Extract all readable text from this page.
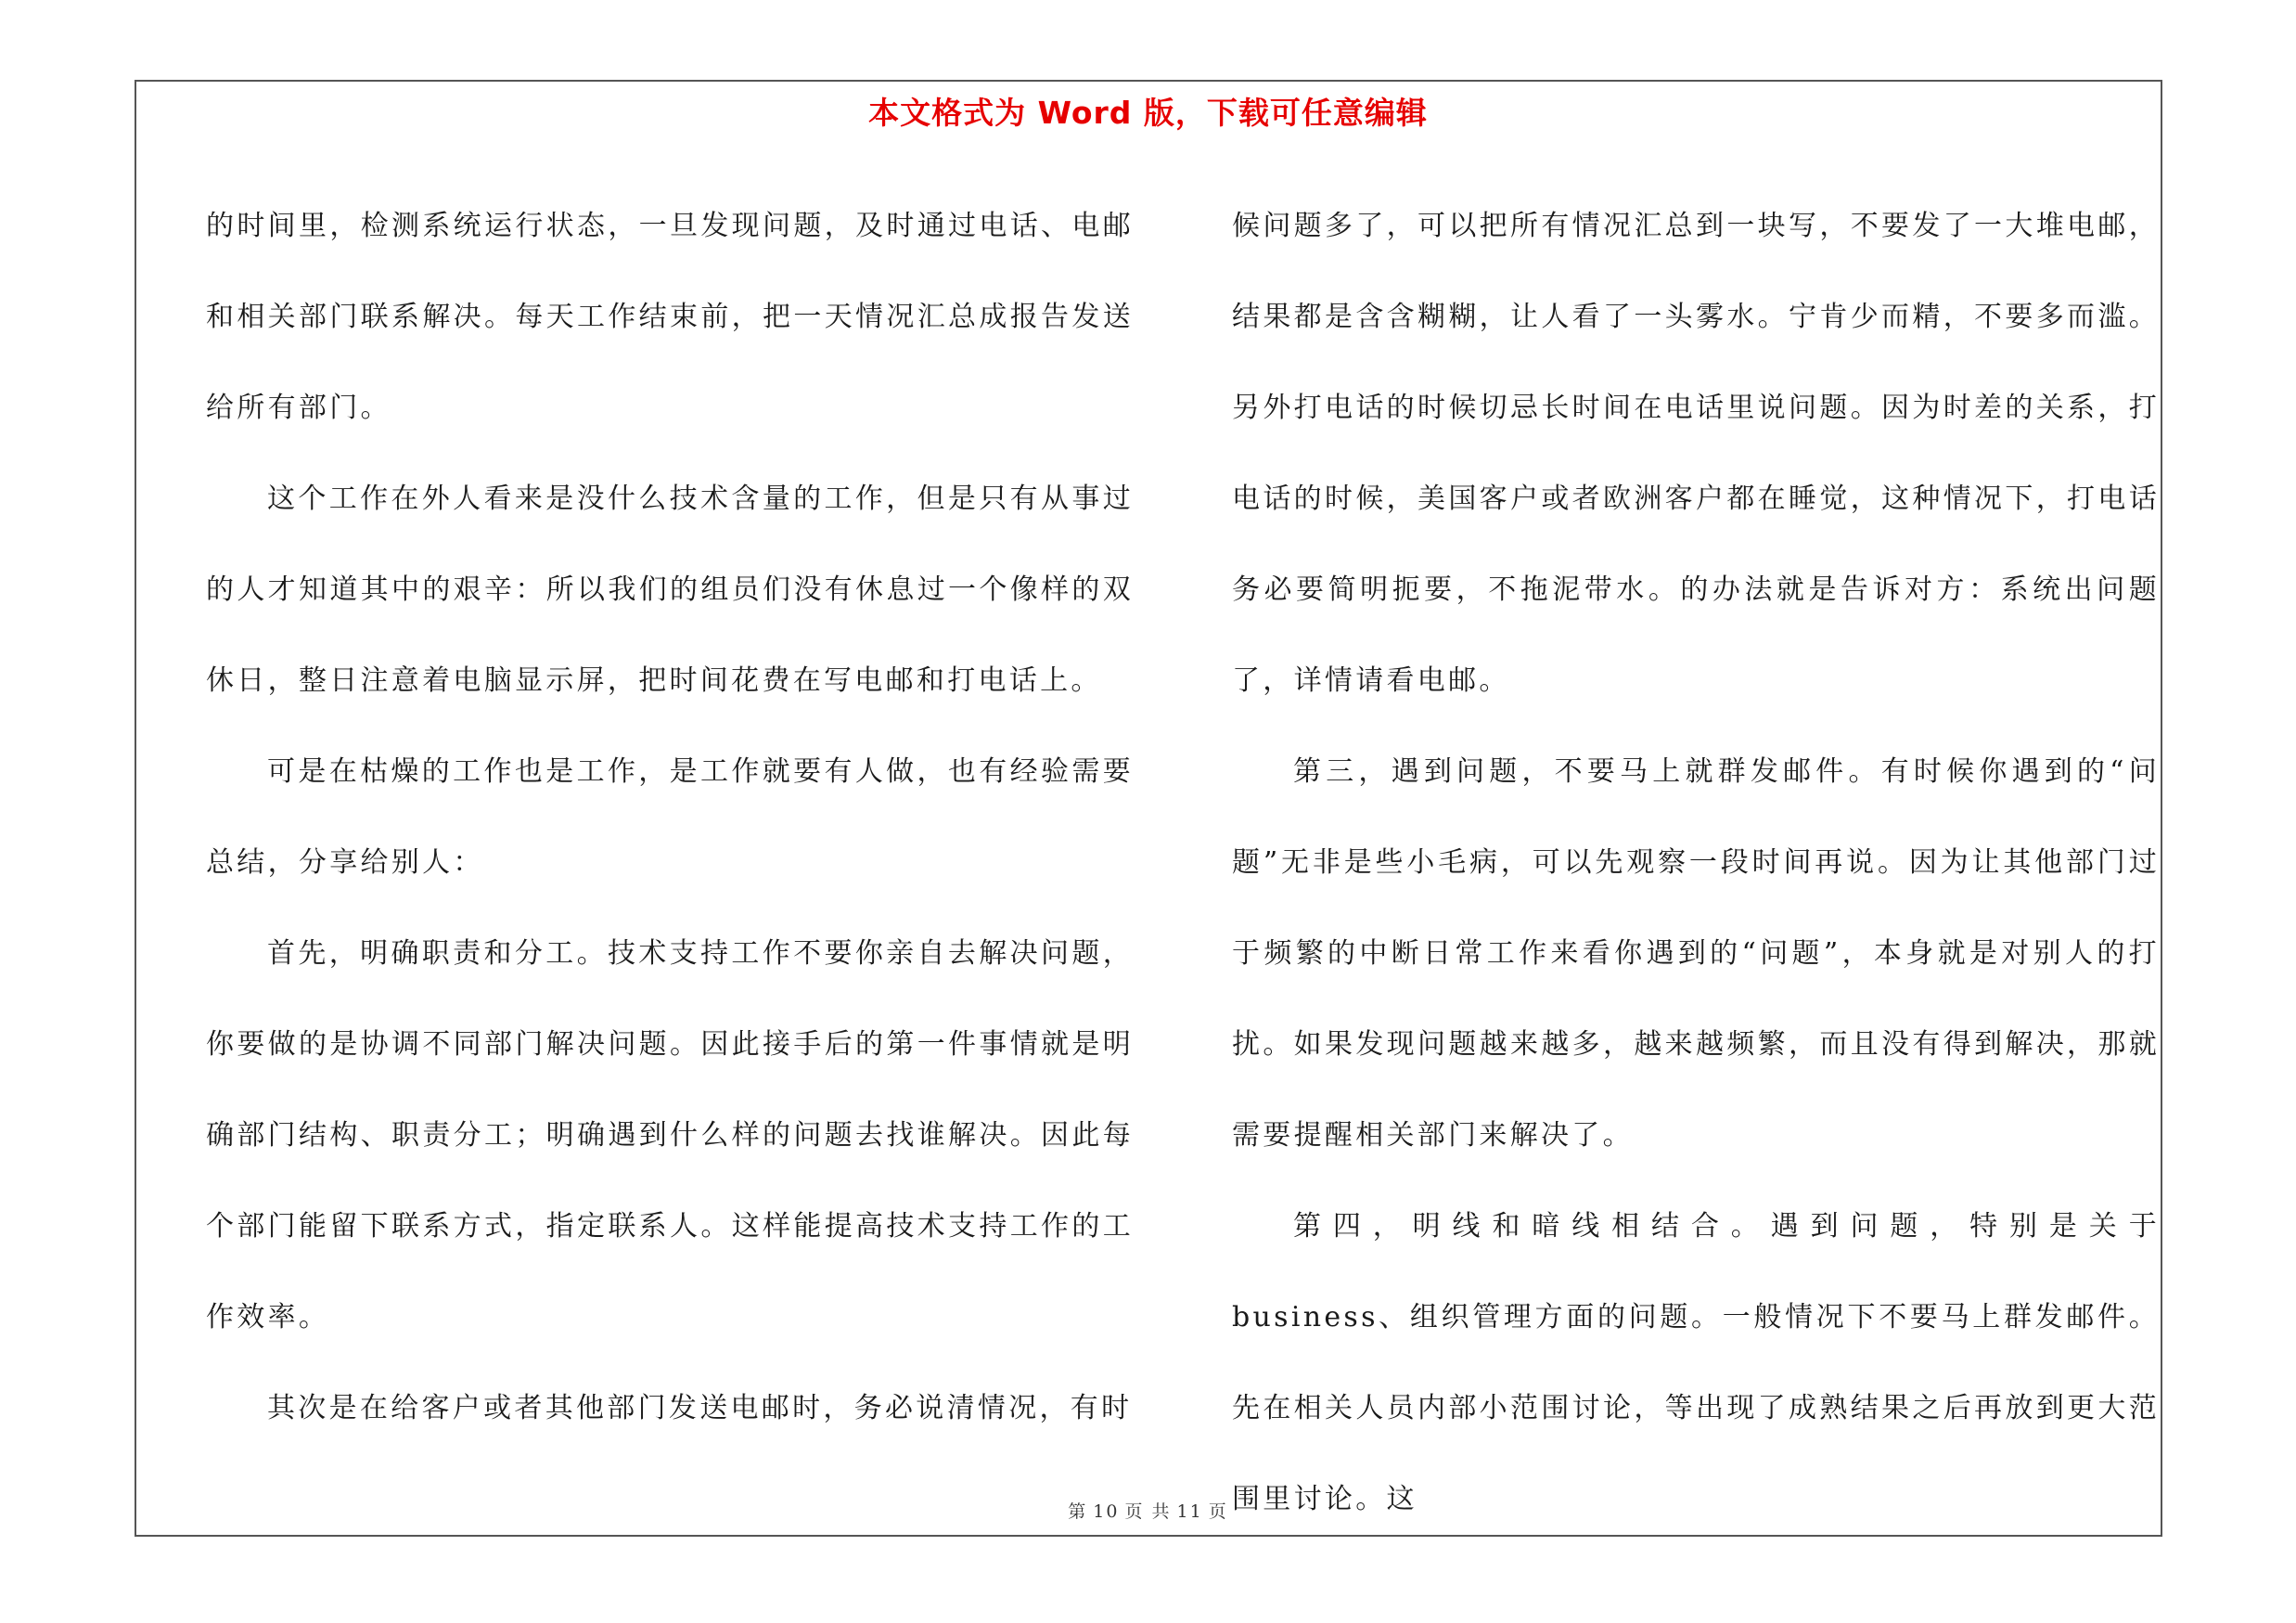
本文格式为 Word 版，下载可任意编辑

的时间里，检测系统运行状态，一旦发现问题，及时通过电话、电邮和相关部门联系解决。每天工作结束前，把一天情况汇总成报告发送给所有部门。

这个工作在外人看来是没什么技术含量的工作，但是只有从事过的人才知道其中的艰辛：所以我们的组员们没有休息过一个像样的双休日，整日注意着电脑显示屏，把时间花费在写电邮和打电话上。

可是在枯燥的工作也是工作，是工作就要有人做，也有经验需要总结，分享给别人：

首先，明确职责和分工。技术支持工作不要你亲自去解决问题，你要做的是协调不同部门解决问题。因此接手后的第一件事情就是明确部门结构、职责分工；明确遇到什么样的问题去找谁解决。因此每个部门能留下联系方式，指定联系人。这样能提高技术支持工作的工作效率。

其次是在给客户或者其他部门发送电邮时，务必说清情况，有时

候问题多了，可以把所有情况汇总到一块写，不要发了一大堆电邮，结果都是含含糊糊，让人看了一头雾水。宁肯少而精，不要多而滥。另外打电话的时候切忌长时间在电话里说问题。因为时差的关系，打电话的时候，美国客户或者欧洲客户都在睡觉，这种情况下，打电话务必要简明扼要，不拖泥带水。的办法就是告诉对方：系统出问题了，详情请看电邮。

第三，遇到问题，不要马上就群发邮件。有时候你遇到的“问题”无非是些小毛病，可以先观察一段时间再说。因为让其他部门过于频繁的中断日常工作来看你遇到的“问题”，本身就是对别人的打扰。如果发现问题越来越多，越来越频繁，而且没有得到解决，那就需要提醒相关部门来解决了。

第四，明线和暗线相结合。遇到问题，特别是关于 business、组织管理方面的问题。一般情况下不要马上群发邮件。先在相关人员内部小范围讨论，等出现了成熟结果之后再放到更大范围里讨论。这

第 10 页 共 11 页
